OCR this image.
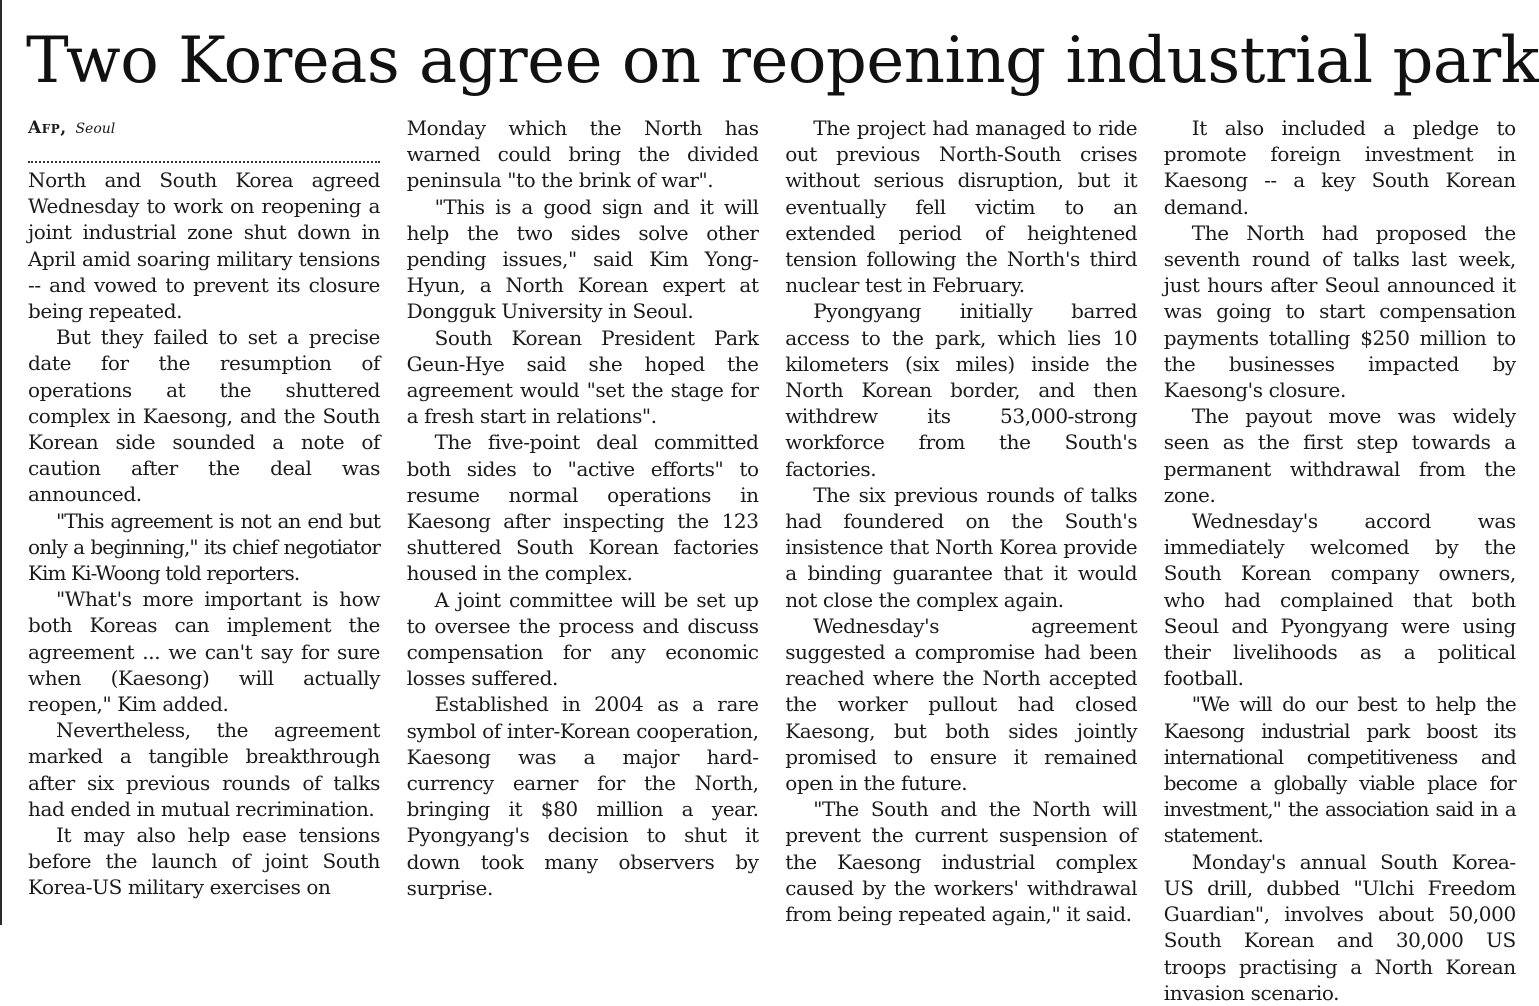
Two Koreas agree on reopening industrial park
Afp, Seoul

North and South Korea agreed Wednesday to work on reopening a joint industrial zone shut down in April amid soaring military tensions -- and vowed to prevent its closure being repeated.

But they failed to set a precise date for the resumption of operations at the shuttered complex in Kaesong, and the South Korean side sounded a note of caution after the deal was announced.

"This agreement is not an end but only a beginning," its chief negotiator Kim Ki-Woong told reporters.

"What's more important is how both Koreas can implement the agreement ... we can't say for sure when (Kaesong) will actually reopen," Kim added.

Nevertheless, the agreement marked a tangible breakthrough after six previous rounds of talks had ended in mutual recrimination.

It may also help ease tensions before the launch of joint South Korea-US military exercises on

Monday which the North has warned could bring the divided peninsula "to the brink of war".

"This is a good sign and it will help the two sides solve other pending issues," said Kim Yong-Hyun, a North Korean expert at Dongguk University in Seoul.

South Korean President Park Geun-Hye said she hoped the agreement would "set the stage for a fresh start in relations".

The five-point deal committed both sides to "active efforts" to resume normal operations in Kaesong after inspecting the 123 shuttered South Korean factories housed in the complex.

A joint committee will be set up to oversee the process and discuss compensation for any economic losses suffered.

Established in 2004 as a rare symbol of inter-Korean cooperation, Kaesong was a major hard-currency earner for the North, bringing it $80 million a year. Pyongyang's decision to shut it down took many observers by surprise.

The project had managed to ride out previous North-South crises without serious disruption, but it eventually fell victim to an extended period of heightened tension following the North's third nuclear test in February.

Pyongyang initially barred access to the park, which lies 10 kilometers (six miles) inside the North Korean border, and then withdrew its 53,000-strong workforce from the South's factories.

The six previous rounds of talks had foundered on the South's insistence that North Korea provide a binding guarantee that it would not close the complex again.

Wednesday's agreement suggested a compromise had been reached where the North accepted the worker pullout had closed Kaesong, but both sides jointly promised to ensure it remained open in the future.

"The South and the North will prevent the current suspension of the Kaesong industrial complex caused by the workers' withdrawal from being repeated again," it said.

It also included a pledge to promote foreign investment in Kaesong -- a key South Korean demand.

The North had proposed the seventh round of talks last week, just hours after Seoul announced it was going to start compensation payments totalling $250 million to the businesses impacted by Kaesong's closure.

The payout move was widely seen as the first step towards a permanent withdrawal from the zone.

Wednesday's accord was immediately welcomed by the South Korean company owners, who had complained that both Seoul and Pyongyang were using their livelihoods as a political football.

"We will do our best to help the Kaesong industrial park boost its international competitiveness and become a globally viable place for investment," the association said in a statement.

Monday's annual South Korea-US drill, dubbed "Ulchi Freedom Guardian", involves about 50,000 South Korean and 30,000 US troops practising a North Korean invasion scenario.
